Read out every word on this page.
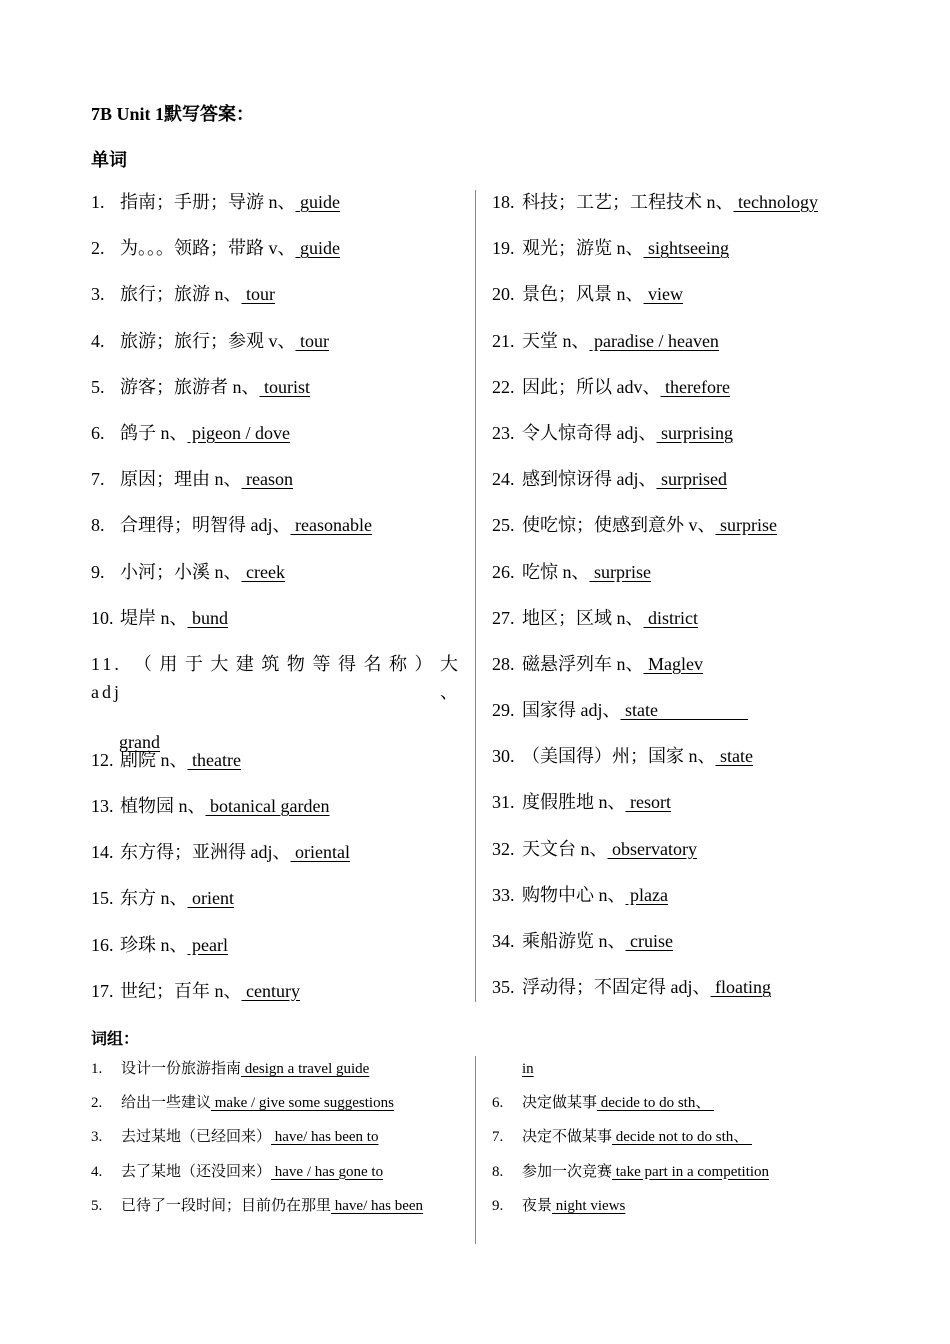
7B Unit 1默写答案：
单词
1. 指南；手册；导游 n、 guide
2. 为。。。领路；带路 v、 guide
3. 旅行；旅游 n、 tour
4. 旅游；旅行；参观 v、 tour
5. 游客；旅游者 n、 tourist
6. 鸽子 n、 pigeon / dove
7. 原因；理由 n、 reason
8. 合理得；明智得 adj、 reasonable
9. 小河；小溪 n、 creek
10. 堤岸 n、 bund
11. （用于大建筑物等得名称）大 adj、
grand
12. 剧院 n、 theatre
13. 植物园 n、 botanical garden
14. 东方得；亚洲得 adj、 oriental
15. 东方 n、 orient
16. 珍珠 n、 pearl
17. 世纪；百年 n、 century
18. 科技；工艺；工程技术 n、 technology
19. 观光；游览 n、 sightseeing
20. 景色；风景 n、 view
21. 天堂 n、 paradise / heaven
22. 因此；所以 adv、 therefore
23. 令人惊奇得 adj、 surprising
24. 感到惊讶得 adj、 surprised
25. 使吃惊；使感到意外 v、 surprise
26. 吃惊 n、 surprise
27. 地区；区域 n、 district
28. 磁悬浮列车 n、 Maglev
29. 国家得 adj、 state
30. （美国得）州；国家 n、 state
31. 度假胜地 n、 resort
32. 天文台 n、 observatory
33. 购物中心 n、 plaza
34. 乘船游览 n、 cruise
35. 浮动得；不固定得 adj、 floating
词组：
1. 设计一份旅游指南 design a travel guide
2. 给出一些建议 make / give some suggestions
3. 去过某地（已经回来） have/ has been to
4. 去了某地（还没回来） have / has gone to
5. 已待了一段时间；目前仍在那里 have/ has been
in
6. 决定做某事 decide to do sth、
7. 决定不做某事 decide not to do sth、
8. 参加一次竞赛 take part in a competition
9. 夜景 night views
